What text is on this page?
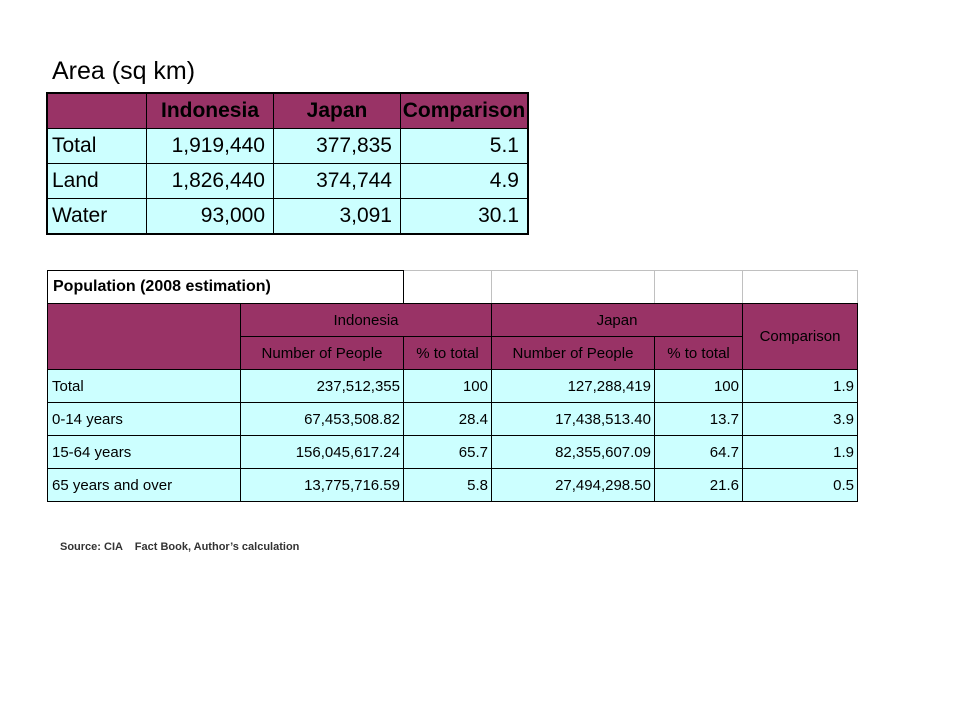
Area (sq km)
	Indonesia	Japan	Comparison
Total	1,919,440	377,835	5.1
Land	1,826,440	374,744	4.9
Water	93,000	3,091	30.1
Population (2008 estimation)					
	Indonesia		Japan		Comparison
	Number of People	% to total	Number of People	% to total	
Total	237,512,355	100	127,288,419	100	1.9
0-14 years	67,453,508.82	28.4	17,438,513.40	13.7	3.9
15-64 years	156,045,617.24	65.7	82,355,607.09	64.7	1.9
65 years and over	13,775,716.59	5.8	27,494,298.50	21.6	0.5
Source: CIA    Fact Book, Author’s calculation
